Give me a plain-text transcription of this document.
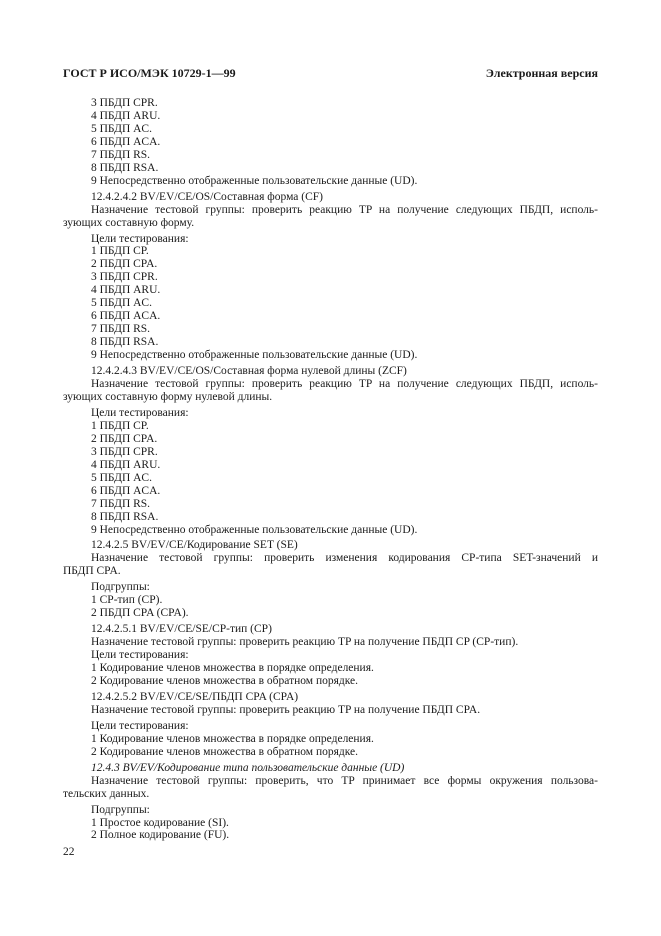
ГОСТ Р ИСО/МЭК 10729-1—99	Электронная версия
3 ПБДП CPR.
4 ПБДП ARU.
5 ПБДП AC.
6 ПБДП ACA.
7 ПБДП RS.
8 ПБДП RSA.
9 Непосредственно отображенные пользовательские данные (UD).
12.4.2.4.2 BV/EV/CE/OS/Составная форма (CF)
Назначение тестовой группы: проверить реакцию TP на получение следующих ПБДП, исполь-
зующих составную форму.
Цели тестирования:
1 ПБДП CP.
2 ПБДП CPA.
3 ПБДП CPR.
4 ПБДП ARU.
5 ПБДП AC.
6 ПБДП ACA.
7 ПБДП RS.
8 ПБДП RSA.
9 Непосредственно отображенные пользовательские данные (UD).
12.4.2.4.3 BV/EV/CE/OS/Составная форма нулевой длины (ZCF)
Назначение тестовой группы: проверить реакцию TP на получение следующих ПБДП, исполь-
зующих составную форму нулевой длины.
Цели тестирования:
1 ПБДП CP.
2 ПБДП CPA.
3 ПБДП CPR.
4 ПБДП ARU.
5 ПБДП AC.
6 ПБДП ACA.
7 ПБДП RS.
8 ПБДП RSA.
9 Непосредственно отображенные пользовательские данные (UD).
12.4.2.5 BV/EV/CE/Кодирование SET (SE)
Назначение тестовой группы: проверить изменения кодирования CP-типа SET-значений и
ПБДП CPA.
Подгруппы:
1 CP-тип (CP).
2 ПБДП CPA (CPA).
12.4.2.5.1 BV/EV/CE/SE/CP-тип (CP)
Назначение тестовой группы: проверить реакцию TP на получение ПБДП CP (CP-тип).
Цели тестирования:
1 Кодирование членов множества в порядке определения.
2 Кодирование членов множества в обратном порядке.
12.4.2.5.2 BV/EV/CE/SE/ПБДП CPA (CPA)
Назначение тестовой группы: проверить реакцию TP на получение ПБДП CPA.
Цели тестирования:
1 Кодирование членов множества в порядке определения.
2 Кодирование членов множества в обратном порядке.
12.4.3 BV/EV/Кодирование типа пользовательские данные (UD)
Назначение тестовой группы: проверить, что TP принимает все формы окружения пользова-
тельских данных.
Подгруппы:
1 Простое кодирование (SI).
2 Полное кодирование (FU).
22
